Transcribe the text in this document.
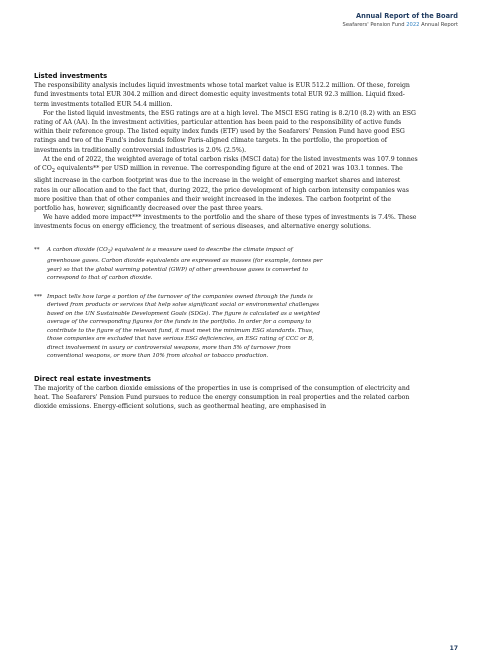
Annual Report of the Board
Seafarers' Pension Fund 2022 Annual Report
Listed investments

The responsibility analysis includes liquid investments whose total market value is EUR 512.2 million. Of these, foreign fund investments total EUR 304.2 million and direct domestic equity investments total EUR 92.3 million. Liquid fixed-term investments totalled EUR 54.4 million.

For the listed liquid investments, the ESG ratings are at a high level. The MSCI ESG rating is 8.2/10 (8.2) with an ESG rating of AA (AA). In the investment activities, particular attention has been paid to the responsibility of active funds within their reference group. The listed equity index funds (ETF) used by the Seafarers' Pension Fund have good ESG ratings and two of the Fund's index funds follow Paris-aligned climate targets. In the portfolio, the proportion of investments in traditionally controversial industries is 2.0% (2.5%).

At the end of 2022, the weighted average of total carbon risks (MSCI data) for the listed investments was 107.9 tonnes of $CO_2$ equivalents** per USD million in revenue. The corresponding figure at the end of 2021 was 103.1 tonnes. The slight increase in the carbon footprint was due to the increase in the weight of emerging market shares and interest rates in our allocation and to the fact that, during 2022, the price development of high carbon intensity companies was more positive than that of other companies and their weight increased in the indexes. The carbon footprint of the portfolio has, however, significantly decreased over the past three years.

We have added more impact*** investments to the portfolio and the share of these types of investments is 7.4%. These investments focus on energy efficiency, the treatment of serious diseases, and alternative energy solutions.

** A carbon dioxide $(CO_2)$ equivalent is a measure used to describe the climate impact of greenhouse gases. Carbon dioxide equivalents are expressed as masses (for example, tonnes per year) so that the global warming potential (GWP) of other greenhouse gases is converted to correspond to that of carbon dioxide.
*** Impact tells how large a portion of the turnover of the companies owned through the funds is derived from products or services that help solve significant social or environmental challenges based on the UN Sustainable Development Goals (SDGs). The figure is calculated as a weighted average of the corresponding figures for the funds in the portfolio. In order for a company to contribute to the figure of the relevant fund, it must meet the minimum ESG standards. Thus, those companies are excluded that have serious ESG deficiencies, an ESG rating of CCC or B, direct involvement in usury or controversial weapons, more than 5% of turnover from conventional weapons, or more than 10% from alcohol or tobacco production.
Direct real estate investments

The majority of the carbon dioxide emissions of the properties in use is comprised of the consumption of electricity and heat. The Seafarers' Pension Fund pursues to reduce the energy consumption in real properties and the related carbon dioxide emissions. Energy-efficient solutions, such as geothermal heating, are emphasised in

17
